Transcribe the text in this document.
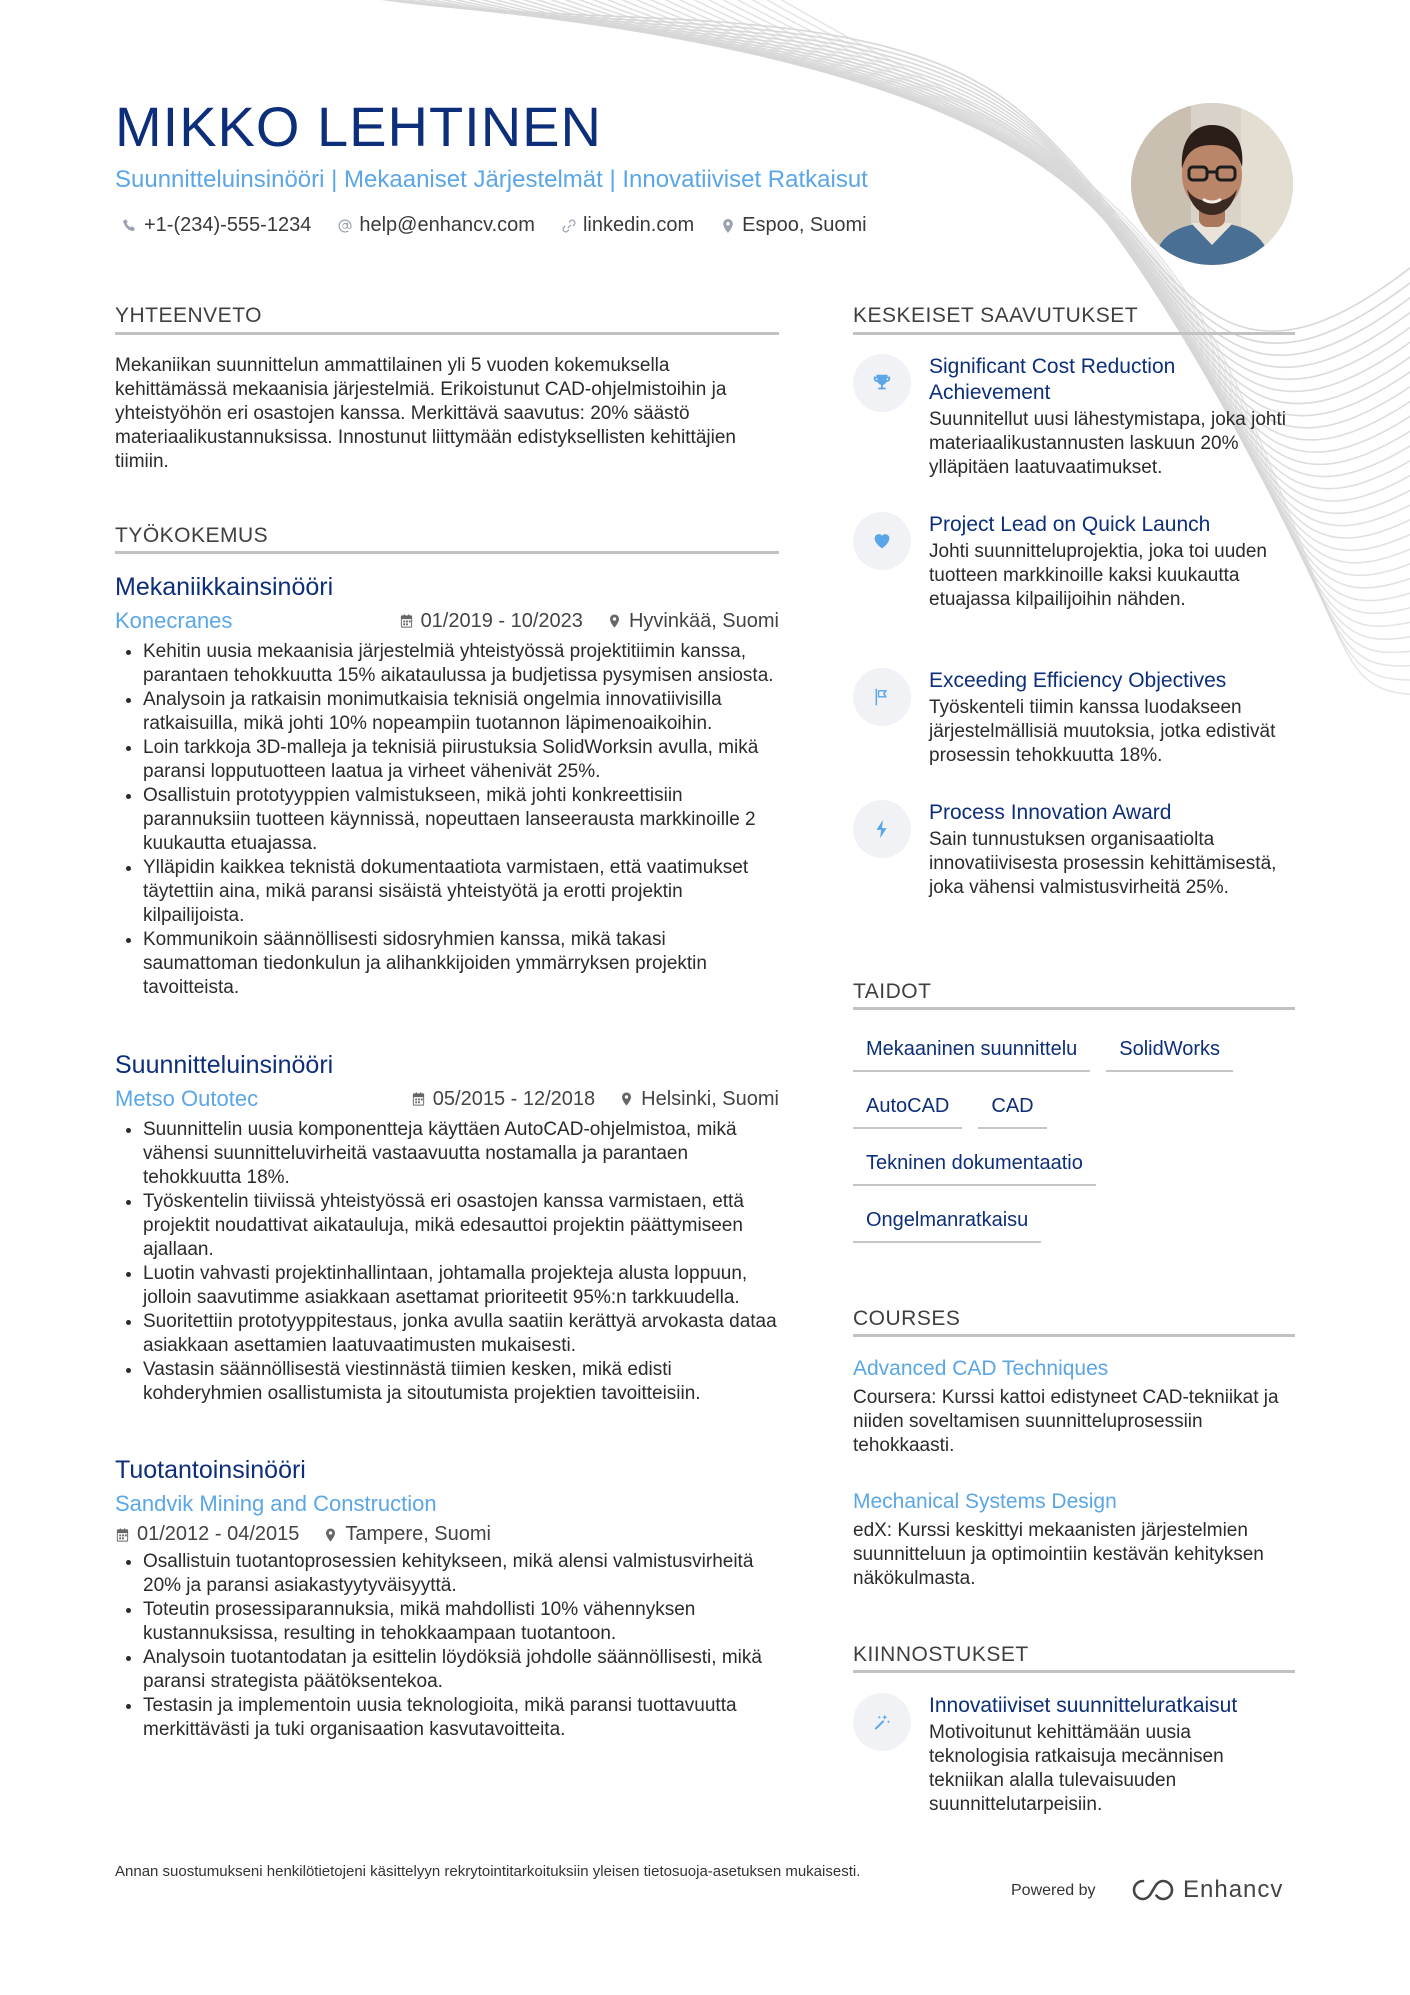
MIKKO LEHTINEN
Suunnitteluinsinööri | Mekaaniset Järjestelmät | Innovatiiviset Ratkaisut
+1-(234)-555-1234 help@enhancv.com linkedin.com Espoo, Suomi
YHTEENVETO

Mekaniikan suunnittelun ammattilainen yli 5 vuoden kokemuksella kehittämässä mekaanisia järjestelmiä. Erikoistunut CAD-ohjelmistoihin ja yhteistyöhön eri osastojen kanssa. Merkittävä saavutus: 20% säästö materiaalikustannuksissa. Innostunut liittymään edistyksellisten kehittäjien tiimiin.

TYÖKOKEMUS
Mekaniikkainsinööri
Konecranes	01/2019 - 10/2023 Hyvinkää, Suomi
• Kehitin uusia mekaanisia järjestelmiä yhteistyössä projektitiimin kanssa, parantaen tehokkuutta 15% aikataulussa ja budjetissa pysymisen ansiosta.
• Analysoin ja ratkaisin monimutkaisia teknisiä ongelmia innovatiivisilla ratkaisuilla, mikä johti 10% nopeampiin tuotannon läpimenoaikoihin.
• Loin tarkkoja 3D-malleja ja teknisiä piirustuksia SolidWorksin avulla, mikä paransi lopputuotteen laatua ja virheet vähenivät 25%.
• Osallistuin prototyyppien valmistukseen, mikä johti konkreettisiin parannuksiin tuotteen käynnissä, nopeuttaen lanseerausta markkinoille 2 kuukautta etuajassa.
• Ylläpidin kaikkea teknistä dokumentaatiota varmistaen, että vaatimukset täytettiin aina, mikä paransi sisäistä yhteistyötä ja erotti projektin kilpailijoista.
• Kommunikoin säännöllisesti sidosryhmien kanssa, mikä takasi saumattoman tiedonkulun ja alihankkijoiden ymmärryksen projektin tavoitteista.
Suunnitteluinsinööri
Metso Outotec	05/2015 - 12/2018 Helsinki, Suomi
• Suunnittelin uusia komponentteja käyttäen AutoCAD-ohjelmistoa, mikä vähensi suunnitteluvirheitä vastaavuutta nostamalla ja parantaen tehokkuutta 18%.
• Työskentelin tiiviissä yhteistyössä eri osastojen kanssa varmistaen, että projektit noudattivat aikatauluja, mikä edesauttoi projektin päättymiseen ajallaan.
• Luotin vahvasti projektinhallintaan, johtamalla projekteja alusta loppuun, jolloin saavutimme asiakkaan asettamat prioriteetit 95%:n tarkkuudella.
• Suoritettiin prototyyppitestaus, jonka avulla saatiin kerättyä arvokasta dataa asiakkaan asettamien laatuvaatimusten mukaisesti.
• Vastasin säännöllisestä viestinnästä tiimien kesken, mikä edisti kohderyhmien osallistumista ja sitoutumista projektien tavoitteisiin.
Tuotantoinsinööri
Sandvik Mining and Construction
01/2012 - 04/2015 Tampere, Suomi
• Osallistuin tuotantoprosessien kehitykseen, mikä alensi valmistusvirheitä 20% ja paransi asiakastyytyväisyyttä.
• Toteutin prosessiparannuksia, mikä mahdollisti 10% vähennyksen kustannuksissa, resulting in tehokkaampaan tuotantoon.
• Analysoin tuotantodatan ja esittelin löydöksiä johdolle säännöllisesti, mikä paransi strategista päätöksentekoa.
• Testasin ja implementoin uusia teknologioita, mikä paransi tuottavuutta merkittävästi ja tuki organisaation kasvutavoitteita.
KESKEISET SAAVUTUKSET
Significant Cost Reduction Achievement
Suunnitellut uusi lähestymistapa, joka johti materiaalikustannusten laskuun 20% ylläpitäen laatuvaatimukset.
Project Lead on Quick Launch
Johti suunnitteluprojektia, joka toi uuden tuotteen markkinoille kaksi kuukautta etuajassa kilpailijoihin nähden.
Exceeding Efficiency Objectives
Työskenteli tiimin kanssa luodakseen järjestelmällisiä muutoksia, jotka edistivät prosessin tehokkuutta 18%.
Process Innovation Award
Sain tunnustuksen organisaatiolta innovatiivisesta prosessin kehittämisestä, joka vähensi valmistusvirheitä 25%.
TAIDOT
Mekaaninen suunnittelu	SolidWorks
AutoCAD	CAD
Tekninen dokumentaatio
Ongelmanratkaisu
COURSES
Advanced CAD Techniques
Coursera: Kurssi kattoi edistyneet CAD-tekniikat ja niiden soveltamisen suunnitteluprosessiin tehokkaasti.
Mechanical Systems Design
edX: Kurssi keskittyi mekaanisten järjestelmien suunnitteluun ja optimointiin kestävän kehityksen näkökulmasta.
KIINNOSTUKSET
Innovatiiviset suunnitteluratkaisut
Motivoitunut kehittämään uusia teknologisia ratkaisuja mecännisen tekniikan alalla tulevaisuuden suunnittelutarpeisiin.
Annan suostumukseni henkilötietojeni käsittelyyn rekrytointitarkoituksiin yleisen tietosuoja-asetuksen mukaisesti.
Powered by	Enhancv
